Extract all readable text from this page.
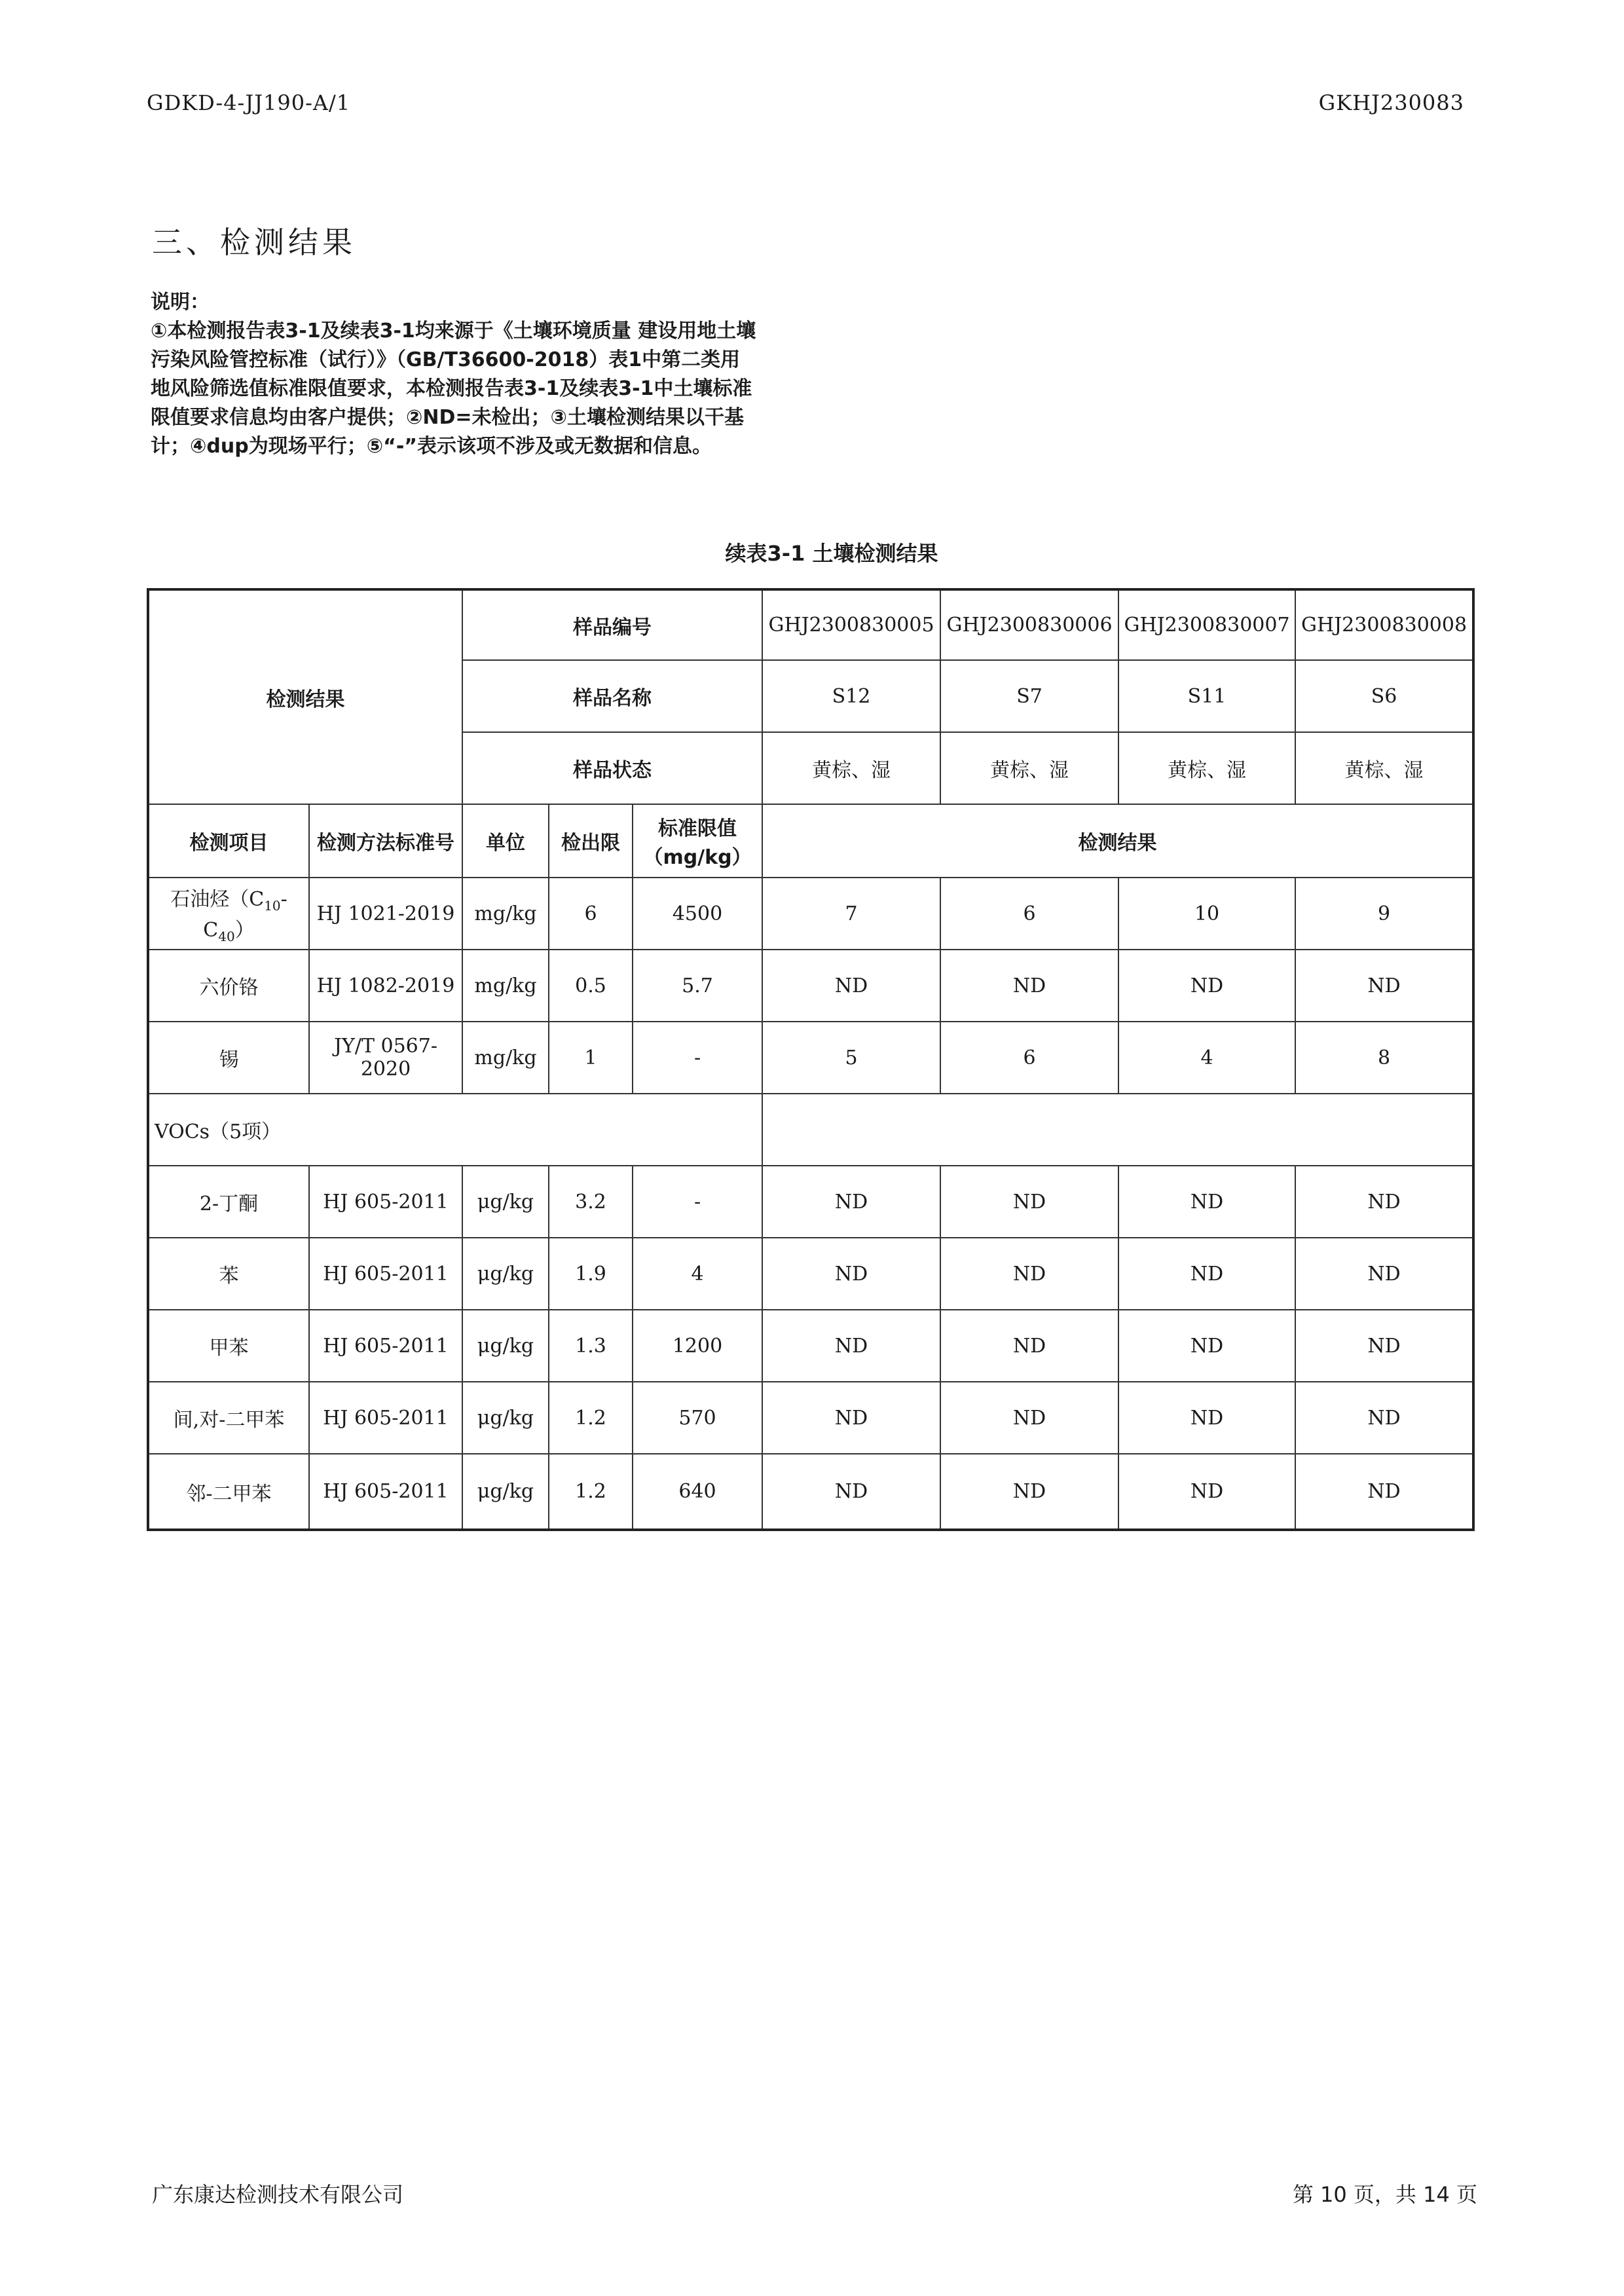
GDKD-4-JJ190-A/1	GKHJ230083
三、检测结果
说明：
①本检测报告表3-1及续表3-1均来源于《土壤环境质量 建设用地土壤污染风险管控标准（试行）》（GB/T36600-2018）表1中第二类用地风险筛选值标准限值要求，本检测报告表3-1及续表3-1中土壤标准限值要求信息均由客户提供；②ND=未检出；③土壤检测结果以干基计；④dup为现场平行；⑤“-”表示该项不涉及或无数据和信息。
续表3-1 土壤检测结果
检测结果		样品编号			GHJ2300830005	GHJ2300830006	GHJ2300830007	GHJ2300830008
		样品名称			S12	S7	S11	S6
		样品状态			黄棕、湿	黄棕、湿	黄棕、湿	黄棕、湿
检测项目	检测方法标准号	单位	检出限	标准限值（mg/kg）	检测结果			
石油烃$(C_{10}-C_{40})$	HJ 1021-2019	mg/kg	6	4500	7	6	10	9
六价铬	HJ 1082-2019	mg/kg	0.5	5.7	ND	ND	ND	ND
锡	JY/T 0567-2020	mg/kg	1	-	5	6	4	8
VOCs（5项）								
2-丁酮	HJ 605-2011	μg/kg	3.2	-	ND	ND	ND	ND
苯	HJ 605-2011	μg/kg	1.9	4	ND	ND	ND	ND
甲苯	HJ 605-2011	μg/kg	1.3	1200	ND	ND	ND	ND
间,对-二甲苯	HJ 605-2011	μg/kg	1.2	570	ND	ND	ND	ND
邻-二甲苯	HJ 605-2011	μg/kg	1.2	640	ND	ND	ND	ND
广东康达检测技术有限公司	第 10 页，共 14 页
